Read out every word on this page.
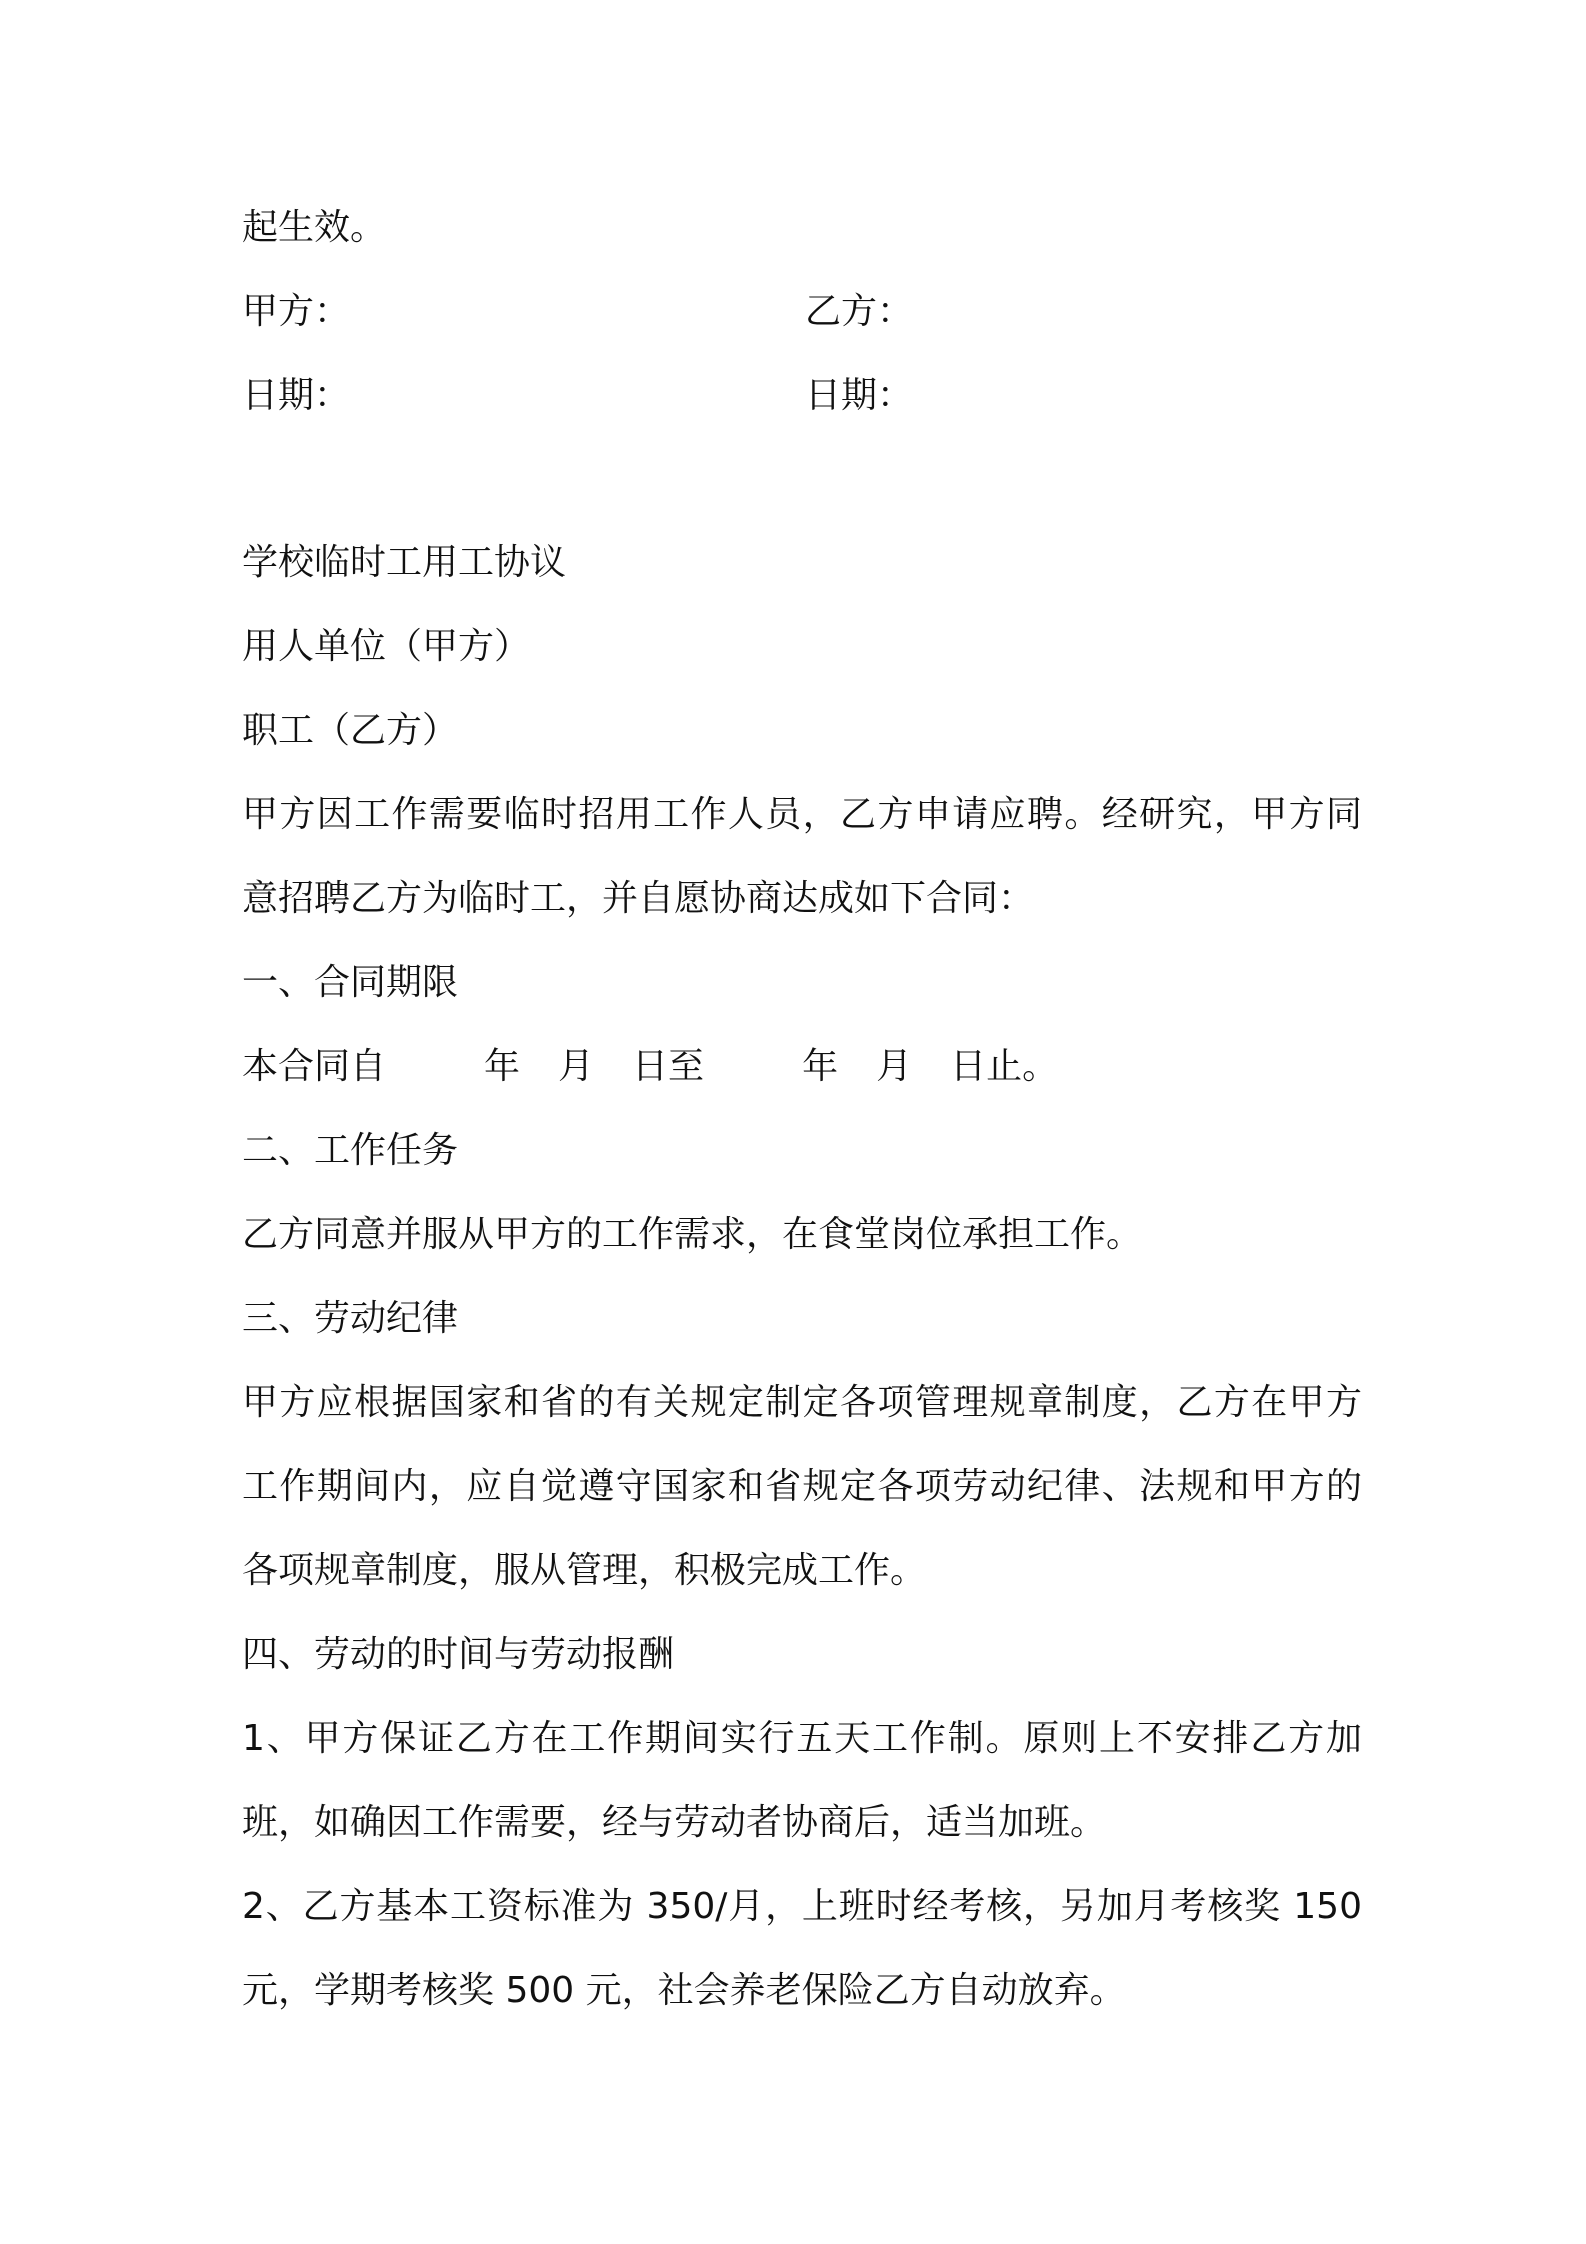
起生效。
甲方：	乙方：
日期：	日期：
学校临时工用工协议
用人单位（甲方）
职工（乙方）
甲方因工作需要临时招用工作人员，乙方申请应聘。经研究，甲方同
意招聘乙方为临时工，并自愿协商达成如下合同：
一、合同期限
本合同自	年 月 日至	年 月 日止。
二、工作任务
乙方同意并服从甲方的工作需求，在食堂岗位承担工作。
三、劳动纪律
甲方应根据国家和省的有关规定制定各项管理规章制度，乙方在甲方
工作期间内，应自觉遵守国家和省规定各项劳动纪律、法规和甲方的
各项规章制度，服从管理，积极完成工作。
四、劳动的时间与劳动报酬
1、甲方保证乙方在工作期间实行五天工作制。原则上不安排乙方加
班，如确因工作需要，经与劳动者协商后，适当加班。
2、乙方基本工资标准为 350/月，上班时经考核，另加月考核奖 150
元，学期考核奖 500 元，社会养老保险乙方自动放弃。
